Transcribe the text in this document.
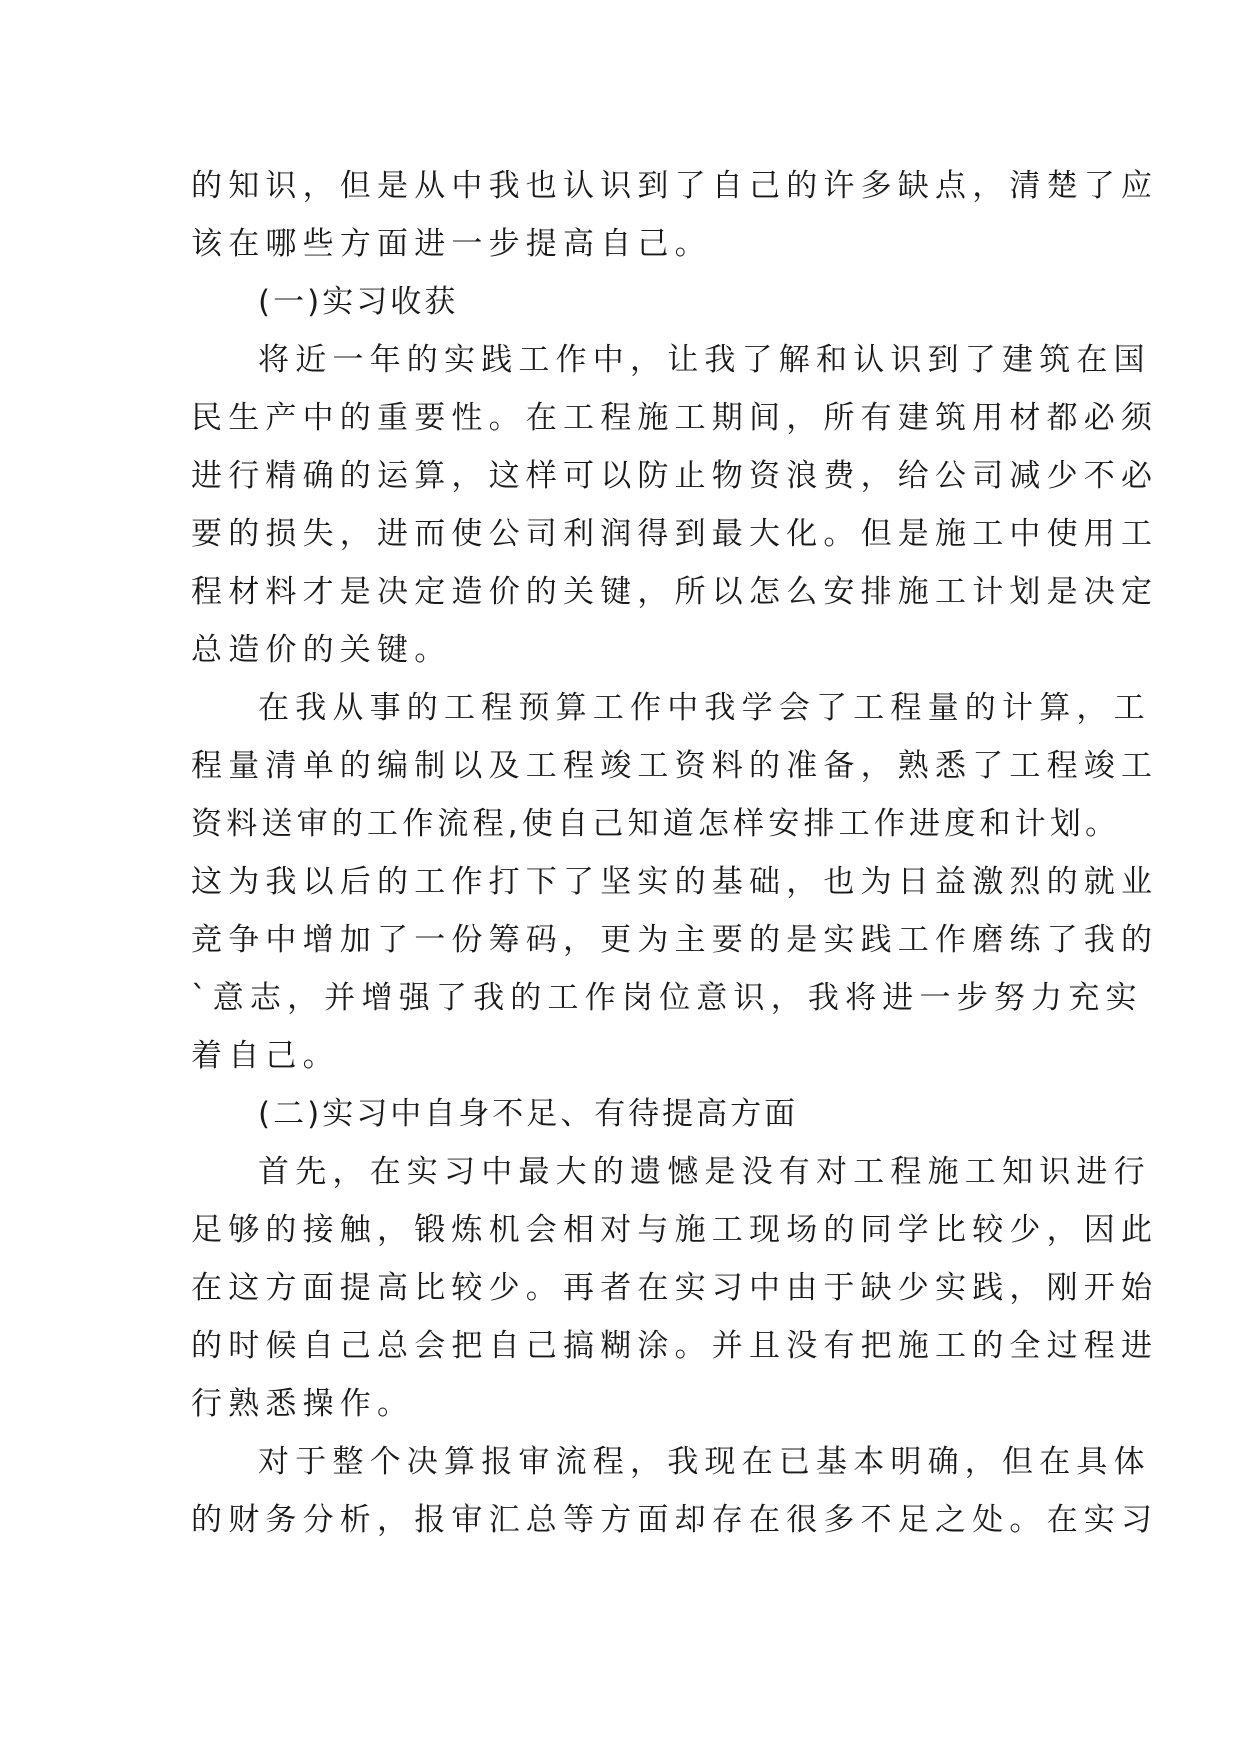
的知识，但是从中我也认识到了自己的许多缺点，清楚了应
该在哪些方面进一步提高自己。
(一)实习收获
将近一年的实践工作中，让我了解和认识到了建筑在国
民生产中的重要性。在工程施工期间，所有建筑用材都必须
进行精确的运算，这样可以防止物资浪费，给公司减少不必
要的损失，进而使公司利润得到最大化。但是施工中使用工
程材料才是决定造价的关键，所以怎么安排施工计划是决定
总造价的关键。
在我从事的工程预算工作中我学会了工程量的计算，工
程量清单的编制以及工程竣工资料的准备，熟悉了工程竣工
资料送审的工作流程,使自己知道怎样安排工作进度和计划。
这为我以后的工作打下了坚实的基础，也为日益激烈的就业
竞争中增加了一份筹码，更为主要的是实践工作磨练了我的
`意志，并增强了我的工作岗位意识，我将进一步努力充实
着自己。
(二)实习中自身不足、有待提高方面
首先，在实习中最大的遗憾是没有对工程施工知识进行
足够的接触，锻炼机会相对与施工现场的同学比较少，因此
在这方面提高比较少。再者在实习中由于缺少实践，刚开始
的时候自己总会把自己搞糊涂。并且没有把施工的全过程进
行熟悉操作。
对于整个决算报审流程，我现在已基本明确，但在具体
的财务分析，报审汇总等方面却存在很多不足之处。在实习
